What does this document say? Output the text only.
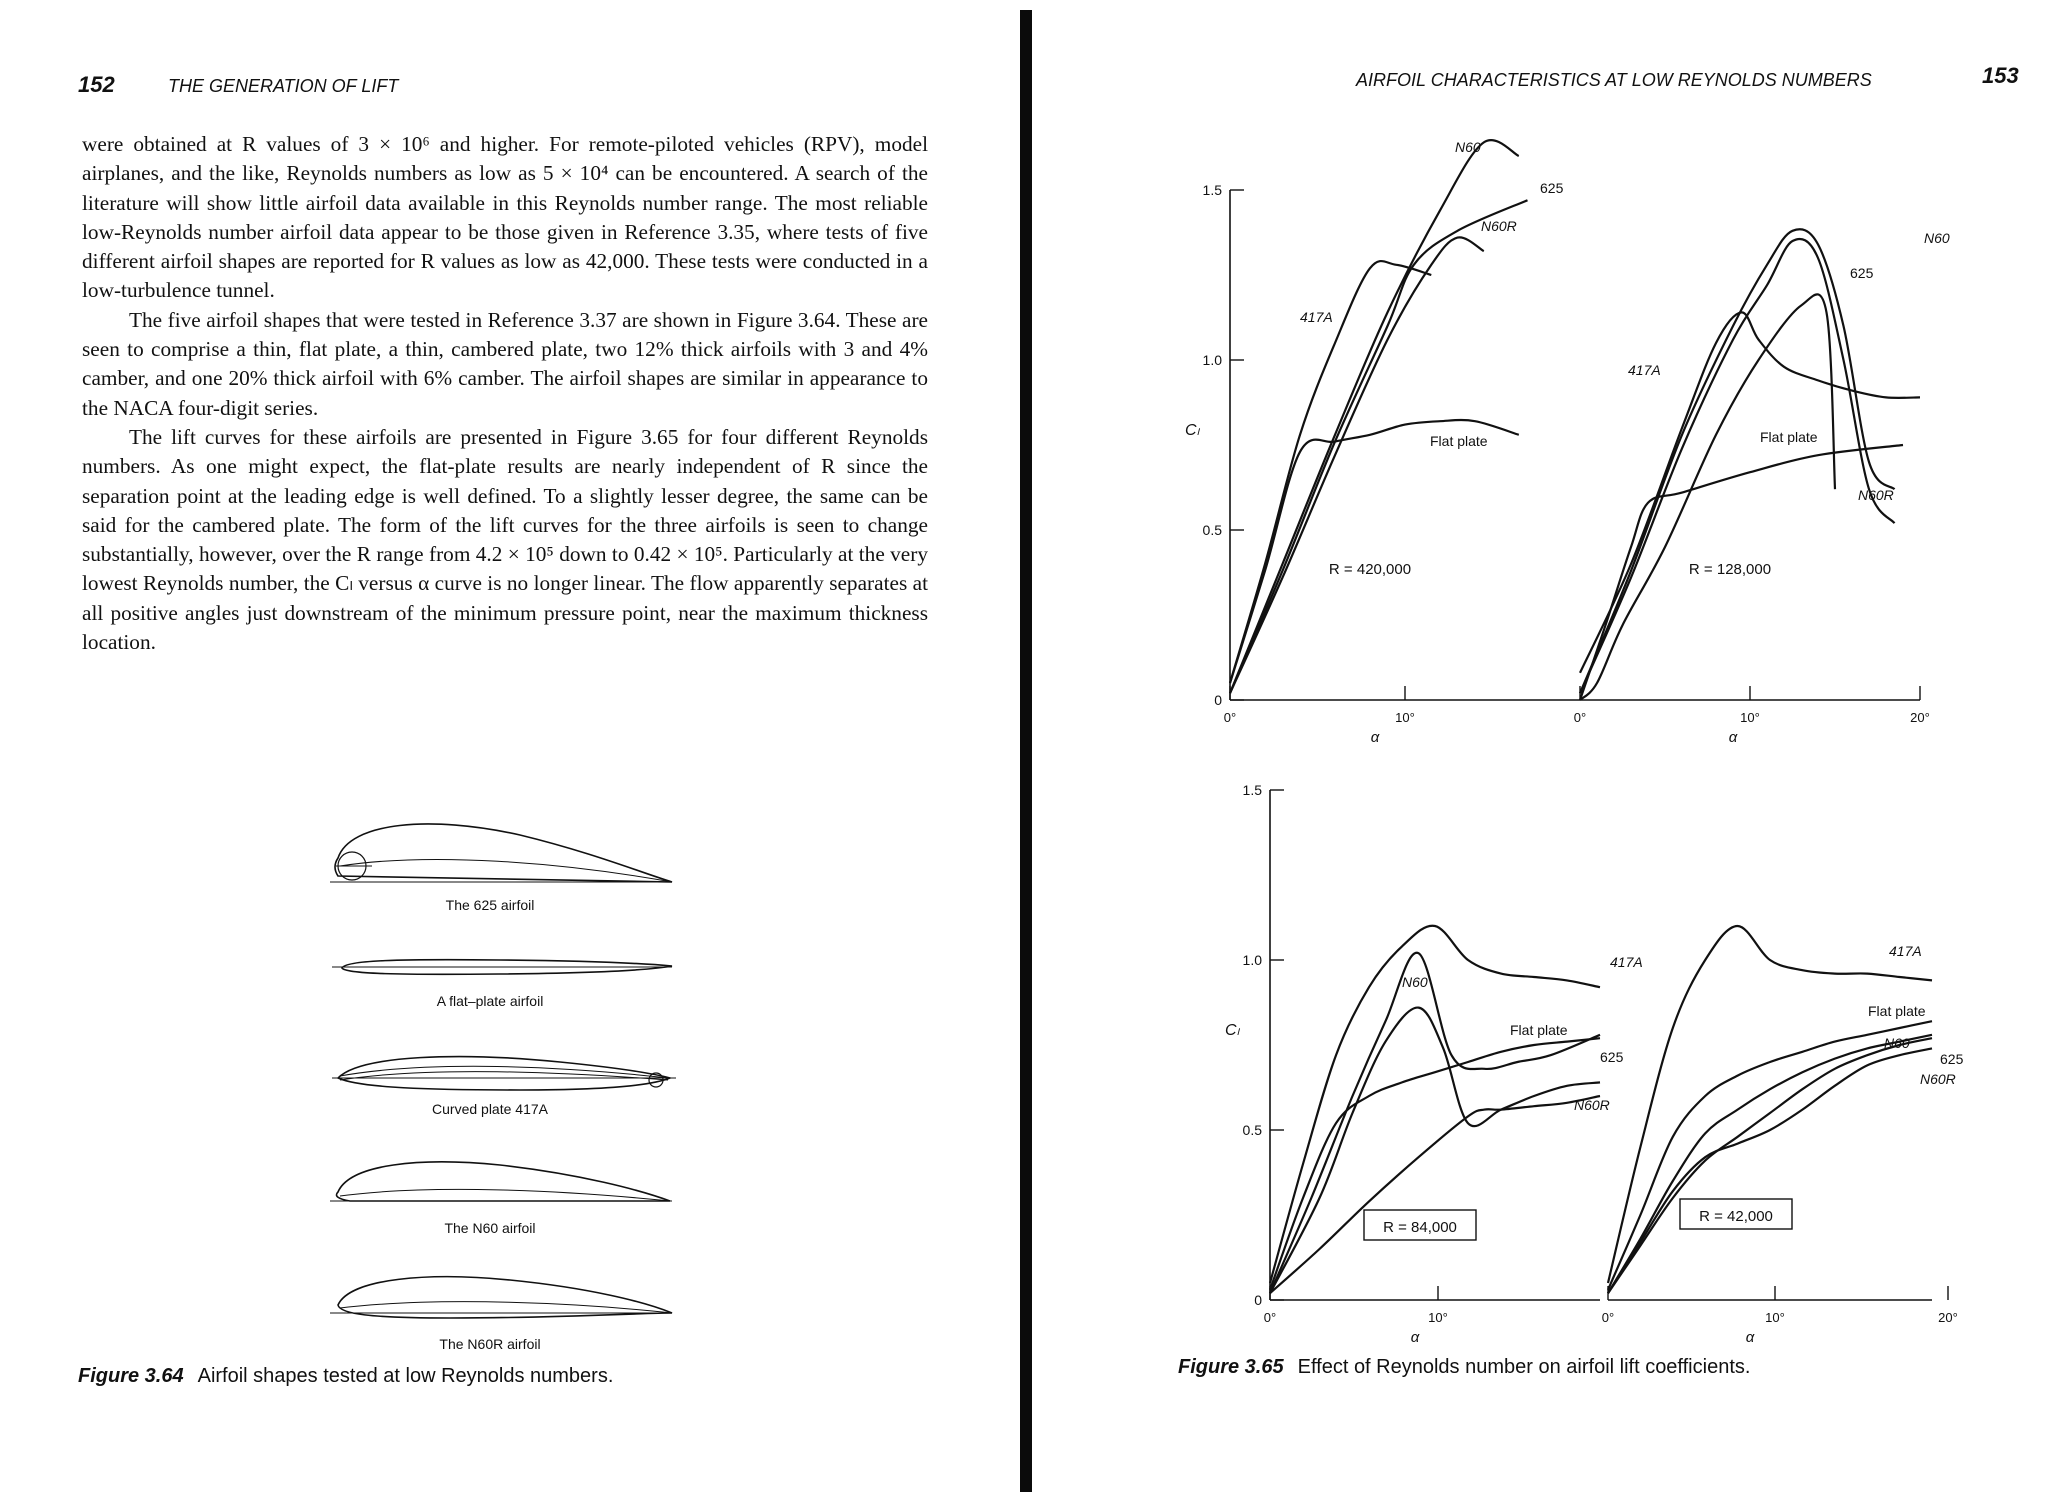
152	THE GENERATION OF LIFT

were obtained at R values of 3 × 10⁶ and higher. For remote-piloted vehicles (RPV), model airplanes, and the like, Reynolds numbers as low as 5 × 10⁴ can be encountered. A search of the literature will show little airfoil data available in this Reynolds number range. The most reliable low-Reynolds number airfoil data appear to be those given in Reference 3.35, where tests of five different airfoil shapes are reported for R values as low as 42,000. These tests were conducted in a low-turbulence tunnel.

The five airfoil shapes that were tested in Reference 3.37 are shown in Figure 3.64. These are seen to comprise a thin, flat plate, a thin, cambered plate, two 12% thick airfoils with 3 and 4% camber, and one 20% thick airfoil with 6% camber. The airfoil shapes are similar in appearance to the NACA four-digit series.

The lift curves for these airfoils are presented in Figure 3.65 for four different Reynolds numbers. As one might expect, the flat-plate results are nearly independent of R since the separation point at the leading edge is well defined. To a slightly lesser degree, the same can be said for the cambered plate. The form of the lift curves for the three airfoils is seen to change substantially, however, over the R range from 4.2 × 10⁵ down to 0.42 × 10⁵. Particularly at the very lowest Reynolds number, the Cₗ versus α curve is no longer linear. The flow apparently separates at all positive angles just downstream of the minimum pressure point, near the maximum thickness location.

The 625 airfoil
A flat–plate airfoil
Curved plate 417A
The N60 airfoil
The N60R airfoil
Figure 3.64 Airfoil shapes tested at low Reynolds numbers.
AIRFOIL CHARACTERISTICS AT LOW REYNOLDS NUMBERS	153
0
0.5
1.0
1.5
Cₗ
0°	10°
α
N60
625
N60R
417A
Flat plate
R = 420,000
0°	10°	20°
α
N60
625
417A
N60R
Flat plate
R = 128,000
0
0.5
1.0
1.5
Cₗ
0°	10°
α
417A
N60
Flat plate
625
N60R
R = 84,000
0°	10°	20°
α
417A
Flat plate
N60
625
N60R
R = 42,000
Figure 3.65 Effect of Reynolds number on airfoil lift coefficients.
